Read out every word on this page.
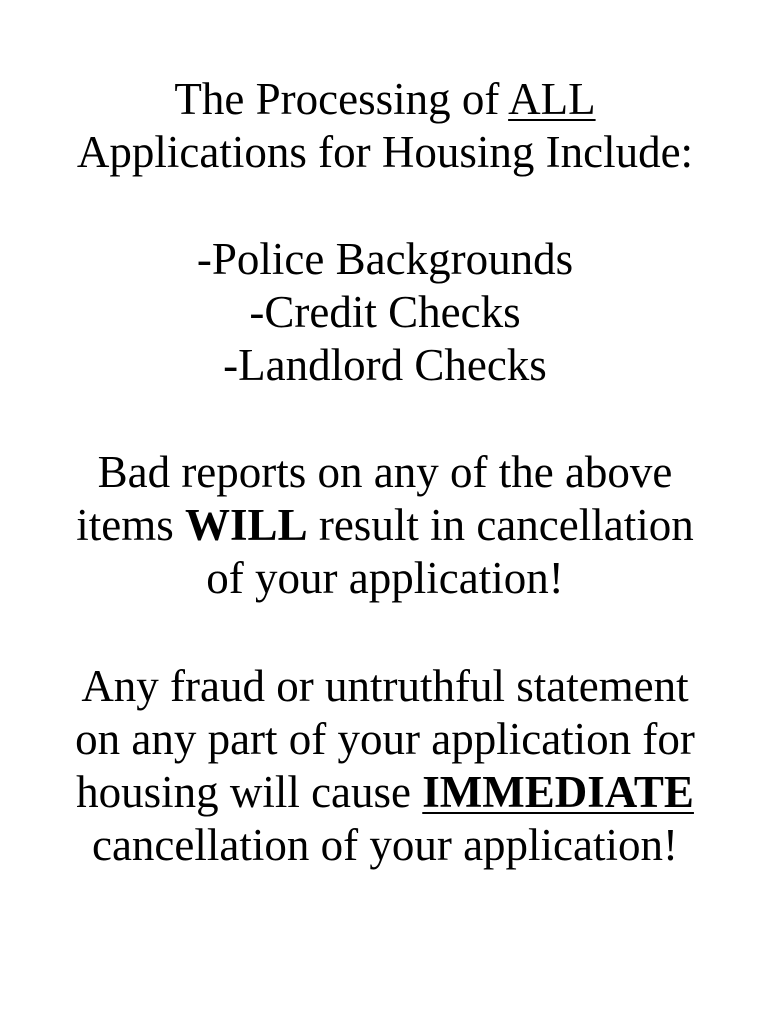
The Processing of ALL
Applications for Housing Include:
-Police Backgrounds
-Credit Checks
-Landlord Checks
Bad reports on any of the above
items WILL result in cancellation
of your application!
Any fraud or untruthful statement
on any part of your application for
housing will cause IMMEDIATE
cancellation of your application!
